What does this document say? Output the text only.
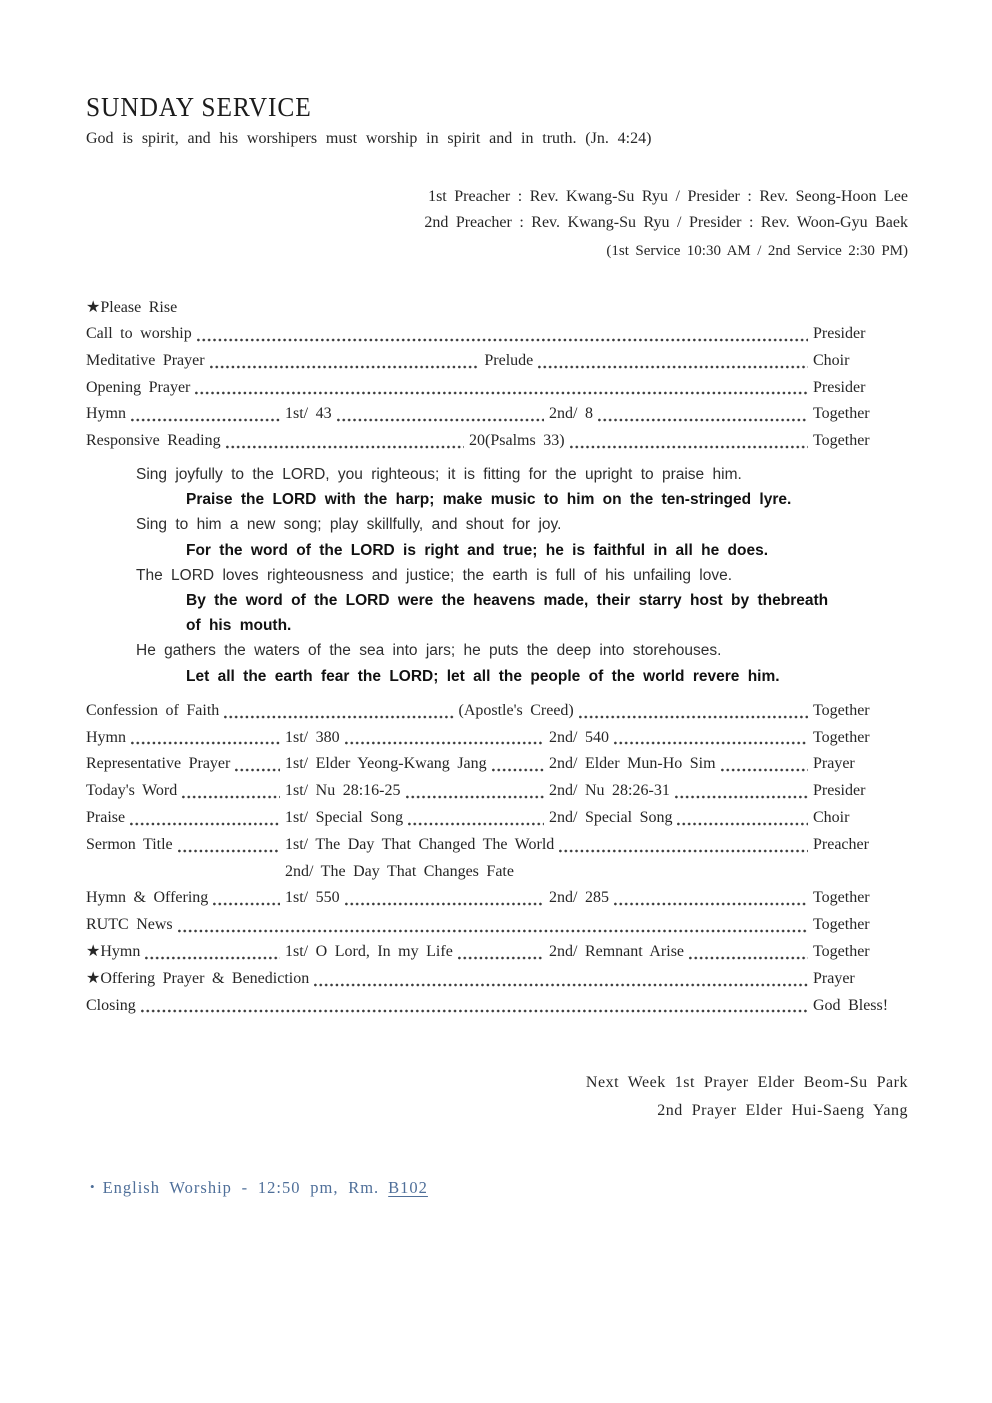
SUNDAY SERVICE
God is spirit, and his worshipers must worship in spirit and in truth. (Jn. 4:24)
1st Preacher : Rev. Kwang-Su Ryu / Presider : Rev. Seong-Hoon Lee
2nd Preacher : Rev. Kwang-Su Ryu / Presider : Rev. Woon-Gyu Baek
(1st Service 10:30 AM / 2nd Service 2:30 PM)
★Please Rise
Call to worship	Presider
Meditative Prayer	Prelude	Choir
Opening Prayer	Presider
Hymn	1st/ 43	2nd/ 8	Together
Responsive Reading	20(Psalms 33)	Together
Sing joyfully to the LORD, you righteous; it is fitting for the upright to praise him.
Praise the LORD with the harp; make music to him on the ten-stringed lyre.
Sing to him a new song; play skillfully, and shout for joy.
For the word of the LORD is right and true; he is faithful in all he does.
The LORD loves righteousness and justice; the earth is full of his unfailing love.
By the word of the LORD were the heavens made, their starry host by thebreath
of his mouth.
He gathers the waters of the sea into jars; he puts the deep into storehouses.
Let all the earth fear the LORD; let all the people of the world revere him.
Confession of Faith	(Apostle's Creed)	Together
Hymn	1st/ 380	2nd/ 540	Together
Representative Prayer	1st/ Elder Yeong-Kwang Jang	2nd/ Elder Mun-Ho Sim	Prayer
Today's Word	1st/ Nu 28:16-25	2nd/ Nu 28:26-31	Presider
Praise	1st/ Special Song	2nd/ Special Song	Choir
Sermon Title	1st/ The Day That Changed The World	Preacher
2nd/ The Day That Changes Fate
Hymn & Offering	1st/ 550	2nd/ 285	Together
RUTC News	Together
★Hymn	1st/ O Lord, In my Life	2nd/ Remnant Arise	Together
★Offering Prayer & Benediction	Prayer
Closing	God Bless!
Next Week 1st Prayer Elder Beom-Su Park
2nd Prayer Elder Hui-Saeng Yang
• English Worship - 12:50 pm, Rm. B102
